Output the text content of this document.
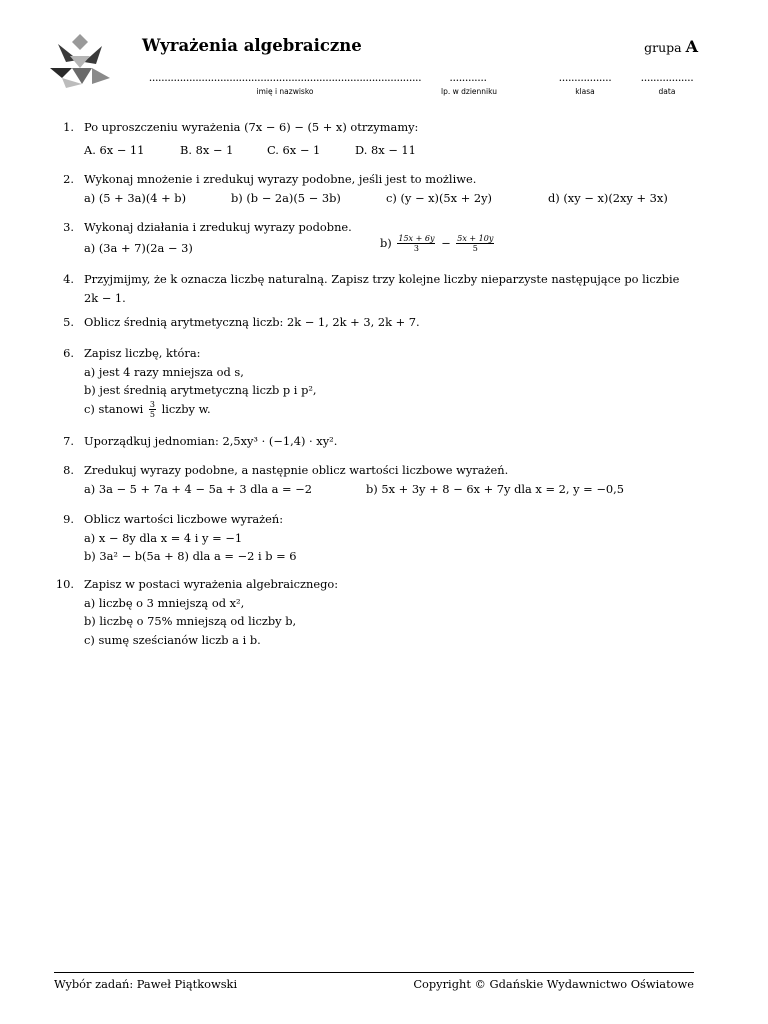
Wyrażenia algebraiczne	grupa A
........................................................................................
imię i nazwisko
............
lp. w dzienniku
.................
klasa
.................
data
1. Po uproszczeniu wyrażenia (7x − 6) − (5 + x) otrzymamy:
A. 6x − 11	B. 8x − 1	C. 6x − 1	D. 8x − 11
2. Wykonaj mnożenie i zredukuj wyrazy podobne, jeśli jest to możliwe.
a) (5 + 3a)(4 + b)	b) (b − 2a)(5 − 3b)	c) (y − x)(5x + 2y)	d) (xy − x)(2xy + 3x)
3. Wykonaj działania i zredukuj wyrazy podobne.
a) (3a + 7)(2a − 3)	$b) \frac{15x + 6y}{3} - \frac{5x + 10y}{5}$
4. Przyjmijmy, że k oznacza liczbę naturalną. Zapisz trzy kolejne liczby nieparzyste następujące po liczbie
2k − 1.
5. Oblicz średnią arytmetyczną liczb: 2k − 1, 2k + 3, 2k + 7.
6. Zapisz liczbę, która:
a) jest 4 razy mniejsza od s,
b) jest średnią arytmetyczną liczb p i p²,
c) stanowi $\frac{3}{5}$ liczby w.
7. Uporządkuj jednomian: 2,5xy³ · (−1,4) · xy².
8. Zredukuj wyrazy podobne, a następnie oblicz wartości liczbowe wyrażeń.
a) 3a − 5 + 7a + 4 − 5a + 3 dla a = −2	b) 5x + 3y + 8 − 6x + 7y dla x = 2, y = −0,5
9. Oblicz wartości liczbowe wyrażeń:
a) x − 8y dla x = 4 i y = −1
b) 3a² − b(5a + 8) dla a = −2 i b = 6
10. Zapisz w postaci wyrażenia algebraicznego:
a) liczbę o 3 mniejszą od x²,
b) liczbę o 75% mniejszą od liczby b,
c) sumę sześcianów liczb a i b.
Wybór zadań: Paweł Piątkowski	Copyright © Gdańskie Wydawnictwo Oświatowe
